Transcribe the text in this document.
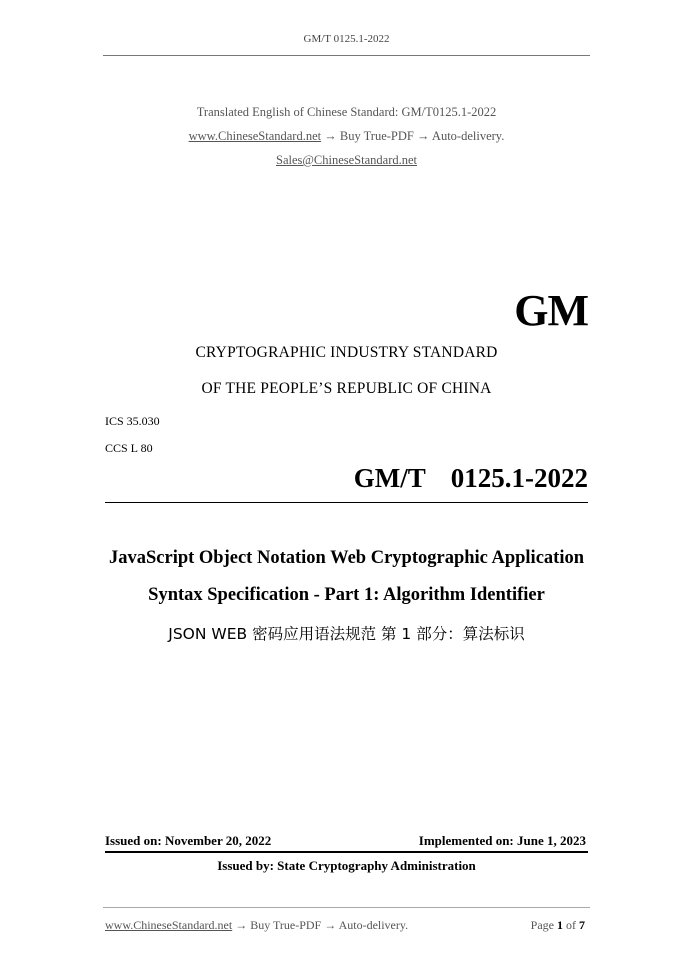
GM/T 0125.1-2022
Translated English of Chinese Standard: GM/T0125.1-2022
www.ChineseStandard.net → Buy True-PDF → Auto-delivery.
Sales@ChineseStandard.net
GM
CRYPTOGRAPHIC INDUSTRY STANDARD
OF THE PEOPLE’S REPUBLIC OF CHINA
ICS 35.030
CCS L 80
GM/T  0125.1-2022
JavaScript Object Notation Web Cryptographic Application
Syntax Specification - Part 1: Algorithm Identifier
JSON WEB 密码应用语法规范 第 1 部分：算法标识
Issued on: November 20, 2022	Implemented on: June 1, 2023
Issued by: State Cryptography Administration
www.ChineseStandard.net → Buy True-PDF → Auto-delivery.	Page 1 of 7
